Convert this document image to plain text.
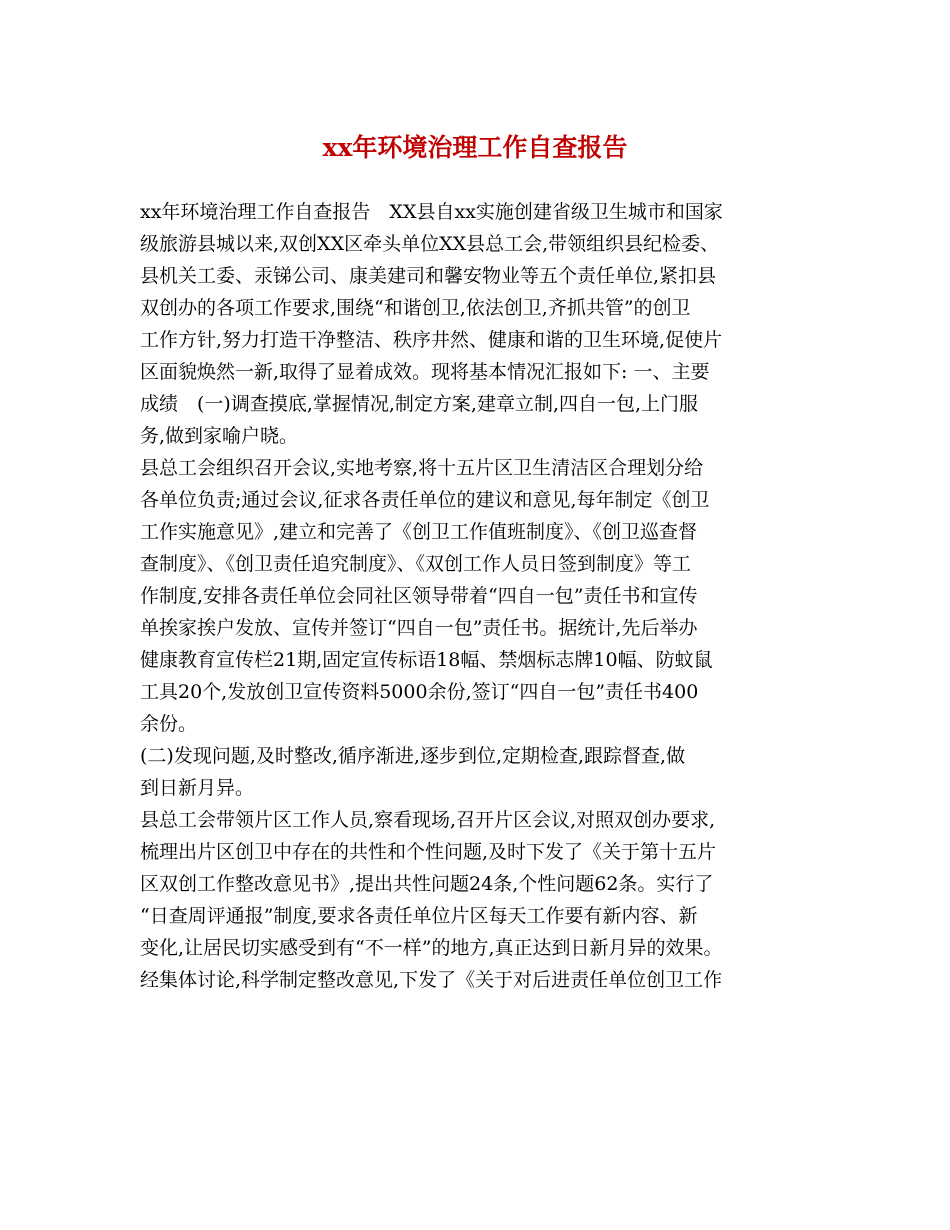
xx年环境治理工作自查报告
xx年环境治理工作自查报告　XX县自xx实施创建省级卫生城市和国家
级旅游县城以来,双创XX区牵头单位XX县总工会,带领组织县纪检委、
县机关工委、汞锑公司、康美建司和馨安物业等五个责任单位,紧扣县
双创办的各项工作要求,围绕“和谐创卫,依法创卫,齐抓共管”的创卫
工作方针,努力打造干净整洁、秩序井然、健康和谐的卫生环境,促使片
区面貌焕然一新,取得了显着成效。现将基本情况汇报如下: 一、主要
成绩　(一)调查摸底,掌握情况,制定方案,建章立制,四自一包,上门服
务,做到家喻户晓。
县总工会组织召开会议,实地考察,将十五片区卫生清洁区合理划分给
各单位负责;通过会议,征求各责任单位的建议和意见,每年制定《创卫
工作实施意见》,建立和完善了《创卫工作值班制度》、《创卫巡查督
查制度》、《创卫责任追究制度》、《双创工作人员日签到制度》等工
作制度,安排各责任单位会同社区领导带着“四自一包”责任书和宣传
单挨家挨户发放、宣传并签订“四自一包”责任书。据统计,先后举办
健康教育宣传栏21期,固定宣传标语18幅、禁烟标志牌10幅、防蚊鼠
工具20个,发放创卫宣传资料5000余份,签订“四自一包”责任书400
余份。
(二)发现问题,及时整改,循序渐进,逐步到位,定期检查,跟踪督查,做
到日新月异。
县总工会带领片区工作人员,察看现场,召开片区会议,对照双创办要求,
梳理出片区创卫中存在的共性和个性问题,及时下发了《关于第十五片
区双创工作整改意见书》,提出共性问题24条,个性问题62条。实行了
“日查周评通报”制度,要求各责任单位片区每天工作要有新内容、新
变化,让居民切实感受到有“不一样”的地方,真正达到日新月异的效果。
经集体讨论,科学制定整改意见,下发了《关于对后进责任单位创卫工作
